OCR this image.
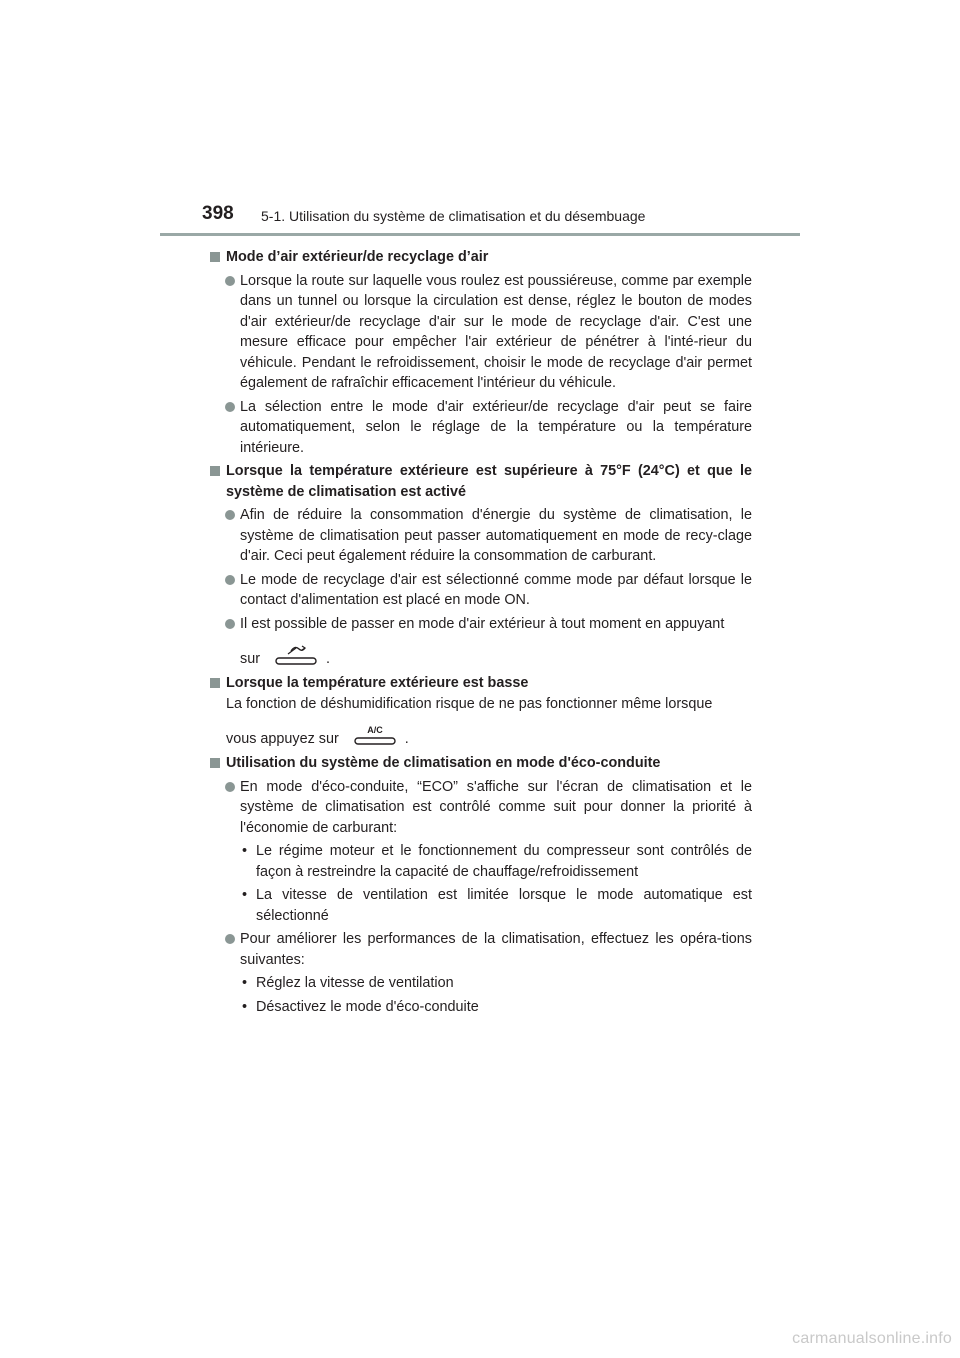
398 5-1. Utilisation du système de climatisation et du désembuage
Mode d’air extérieur/de recyclage d’air
Lorsque la route sur laquelle vous roulez est poussiéreuse, comme par exemple dans un tunnel ou lorsque la circulation est dense, réglez le bouton de modes d'air extérieur/de recyclage d'air sur le mode de recyclage d'air. C'est une mesure efficace pour empêcher l'air extérieur de pénétrer à l'inté-rieur du véhicule. Pendant le refroidissement, choisir le mode de recyclage d'air permet également de rafraîchir efficacement l'intérieur du véhicule.
La sélection entre le mode d'air extérieur/de recyclage d'air peut se faire automatiquement, selon le réglage de la température ou la température intérieure.
Lorsque la température extérieure est supérieure à 75°F (24°C) et que le système de climatisation est activé
Afin de réduire la consommation d'énergie du système de climatisation, le système de climatisation peut passer automatiquement en mode de recy-clage d'air. Ceci peut également réduire la consommation de carburant.
Le mode de recyclage d'air est sélectionné comme mode par défaut lorsque le contact d'alimentation est placé en mode ON.
Il est possible de passer en mode d'air extérieur à tout moment en appuyant
sur	.
Lorsque la température extérieure est basse
La fonction de déshumidification risque de ne pas fonctionner même lorsque
vous appuyez sur
A/C
.
Utilisation du système de climatisation en mode d'éco-conduite
En mode d'éco-conduite, “ECO” s'affiche sur l'écran de climatisation et le système de climatisation est contrôlé comme suit pour donner la priorité à l'économie de carburant:
• Le régime moteur et le fonctionnement du compresseur sont contrôlés de façon à restreindre la capacité de chauffage/refroidissement
• La vitesse de ventilation est limitée lorsque le mode automatique est sélectionné
Pour améliorer les performances de la climatisation, effectuez les opéra-tions suivantes:
• Réglez la vitesse de ventilation
• Désactivez le mode d'éco-conduite
carmanualsonline.info
